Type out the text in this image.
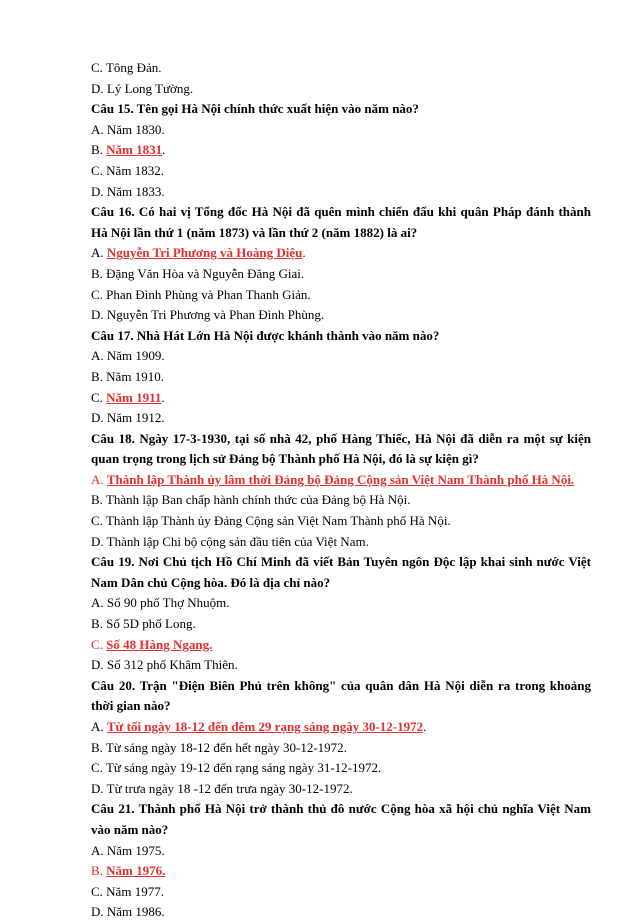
C. Tông Đản.
D. Lý Long Tường.
Câu 15. Tên gọi Hà Nội chính thức xuất hiện vào năm nào?
A. Năm 1830.
B. Năm 1831.
C. Năm 1832.
D. Năm 1833.
Câu 16. Có hai vị Tổng đốc Hà Nội đã quên mình chiến đấu khi quân Pháp đánh thành Hà Nội lần thứ 1 (năm 1873) và lần thứ 2 (năm 1882) là ai?
A. Nguyễn Tri Phương và Hoàng Diệu.
B. Đặng Văn Hòa và Nguyễn Đăng Giai.
C. Phan Đình Phùng và Phan Thanh Giản.
D. Nguyễn Tri Phương và Phan Đình Phùng.
Câu 17. Nhà Hát Lớn Hà Nội được khánh thành vào năm nào?
A. Năm 1909.
B. Năm 1910.
C. Năm 1911.
D. Năm 1912.
Câu 18. Ngày 17-3-1930, tại số nhà 42, phố Hàng Thiếc, Hà Nội đã diễn ra một sự kiện quan trọng trong lịch sử Đảng bộ Thành phố Hà Nội, đó là sự kiện gì?
A. Thành lập Thành ủy lâm thời Đảng bộ Đảng Cộng sản Việt Nam Thành phố Hà Nội.
B. Thành lập Ban chấp hành chính thức của Đảng bộ Hà Nội.
C. Thành lập Thành ủy Đảng Cộng sản Việt Nam Thành phố Hà Nội.
D. Thành lập Chi bộ cộng sản đầu tiên của Việt Nam.
Câu 19. Nơi Chủ tịch Hồ Chí Minh đã viết Bản Tuyên ngôn Độc lập khai sinh nước Việt Nam Dân chủ Cộng hòa. Đó là địa chỉ nào?
A. Số 90 phố Thợ Nhuộm.
B. Số 5D phố Long.
C. Số 48 Hàng Ngang.
D. Số 312 phố Khâm Thiên.
Câu 20. Trận "Điện Biên Phủ trên không" của quân dân Hà Nội diễn ra trong khoảng thời gian nào?
A. Từ tối ngày 18-12 đến đêm 29 rạng sáng ngày 30-12-1972.
B. Từ sáng ngày 18-12 đến hết ngày 30-12-1972.
C. Từ sáng ngày 19-12 đến rạng sáng ngày 31-12-1972.
D. Từ trưa ngày 18 -12 đến trưa ngày 30-12-1972.
Câu 21. Thành phố Hà Nội trở thành thủ đô nước Cộng hòa xã hội chủ nghĩa Việt Nam vào năm nào?
A. Năm 1975.
B. Năm 1976.
C. Năm 1977.
D. Năm 1986.
